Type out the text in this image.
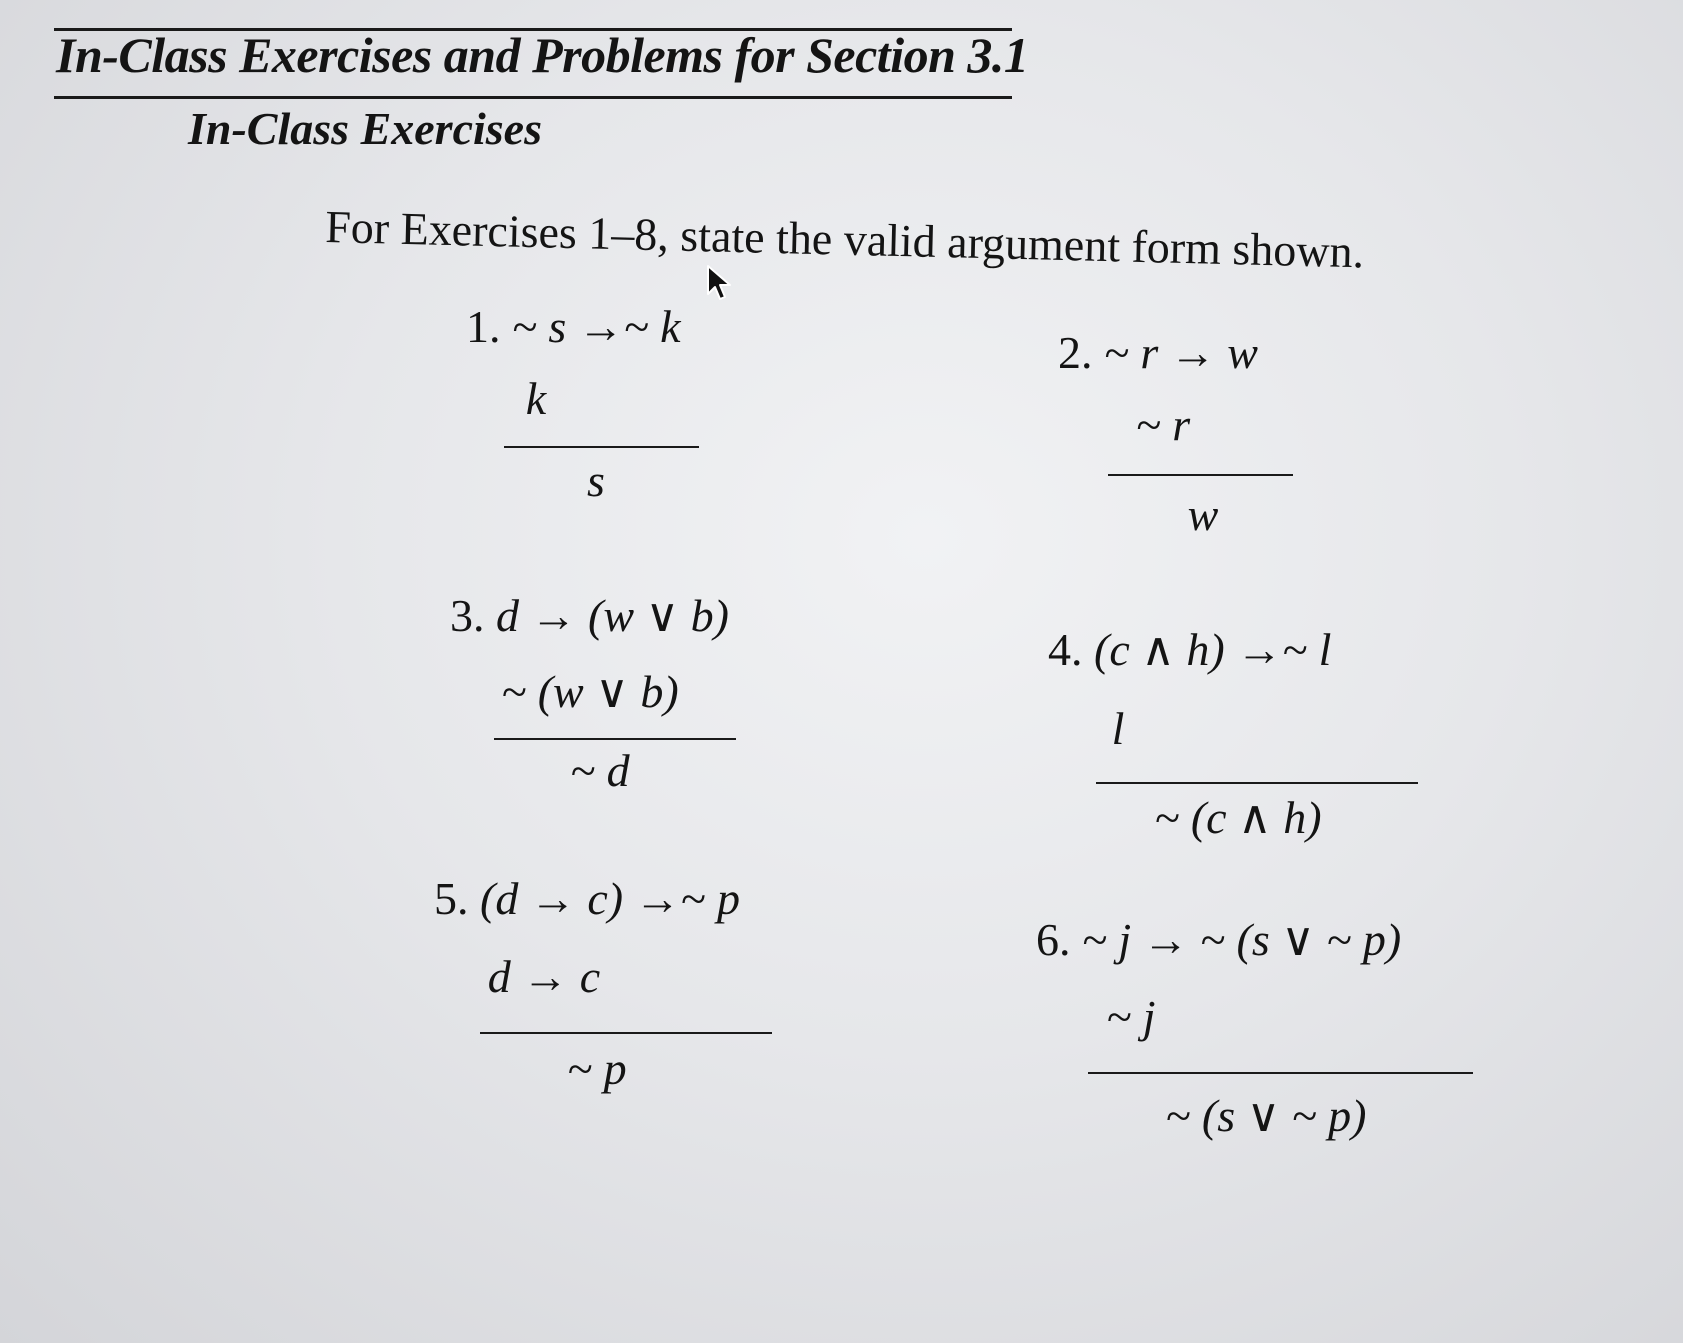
In-Class Exercises and Problems for Section 3.1
In-Class Exercises
For Exercises 1–8, state the valid argument form shown.
1. ~ s →~ k
k
s
2. ~ r → w
~ r
w
3. d → (w ∨ b)
~ (w ∨ b)
~ d
4. (c ∧ h) →~ l
l
~ (c ∧ h)
5. (d → c) →~ p
d → c
~ p
6. ~ j → ~ (s ∨ ~ p)
~ j
~ (s ∨ ~ p)
